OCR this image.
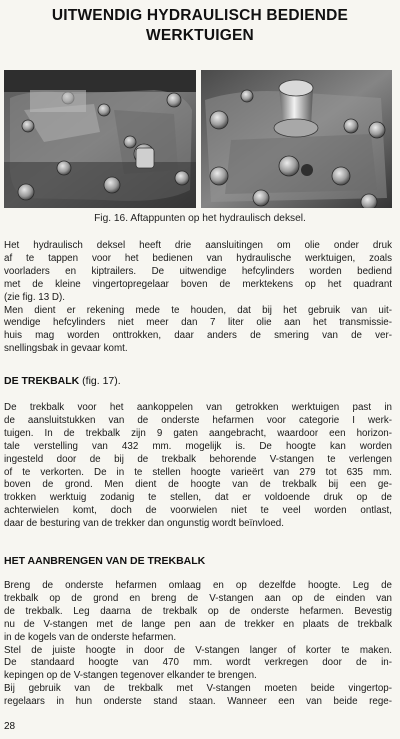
UITWENDIG HYDRAULISCH BEDIENDE
WERKTUIGEN
Fig. 16. Aftappunten op het hydraulisch deksel.
Het hydraulisch deksel heeft drie aansluitingen om olie onder druk
af te tappen voor het bedienen van hydraulische werktuigen, zoals
voorladers en kiptrailers. De uitwendige hefcylinders worden bediend
met de kleine vingertopregelaar boven de merktekens op het quadrant
(zie fig. 13 D).
Men dient er rekening mede te houden, dat bij het gebruik van uit-
wendige hefcylinders niet meer dan 7 liter olie aan het transmissie-
huis mag worden onttrokken, daar anders de smering van de ver-
snellingsbak in gevaar komt.
DE TREKBALK (fig. 17).
De trekbalk voor het aankoppelen van getrokken werktuigen past in
de aansluitstukken van de onderste hefarmen voor categorie I werk-
tuigen. In de trekbalk zijn 9 gaten aangebracht, waardoor een horizon-
tale verstelling van 432 mm. mogelijk is. De hoogte kan worden
ingesteld door de bij de trekbalk behorende V-stangen te verlengen
of te verkorten. De in te stellen hoogte varieërt van 279 tot 635 mm.
boven de grond. Men dient de hoogte van de trekbalk bij een ge-
trokken werktuig zodanig te stellen, dat er voldoende druk op de
achterwielen komt, doch de voorwielen niet te veel worden ontlast,
daar de besturing van de trekker dan ongunstig wordt beïnvloed.
HET AANBRENGEN VAN DE TREKBALK
Breng de onderste hefarmen omlaag en op dezelfde hoogte. Leg de
trekbalk op de grond en breng de V-stangen aan op de einden van
de trekbalk. Leg daarna de trekbalk op de onderste hefarmen. Bevestig
nu de V-stangen met de lange pen aan de trekker en plaats de trekbalk
in de kogels van de onderste hefarmen.
Stel de juiste hoogte in door de V-stangen langer of korter te maken.
De standaard hoogte van 470 mm. wordt verkregen door de in-
kepingen op de V-stangen tegenover elkander te brengen.
Bij gebruik van de trekbalk met V-stangen moeten beide vingertop-
regelaars in hun onderste stand staan. Wanneer een van beide rege-
28
